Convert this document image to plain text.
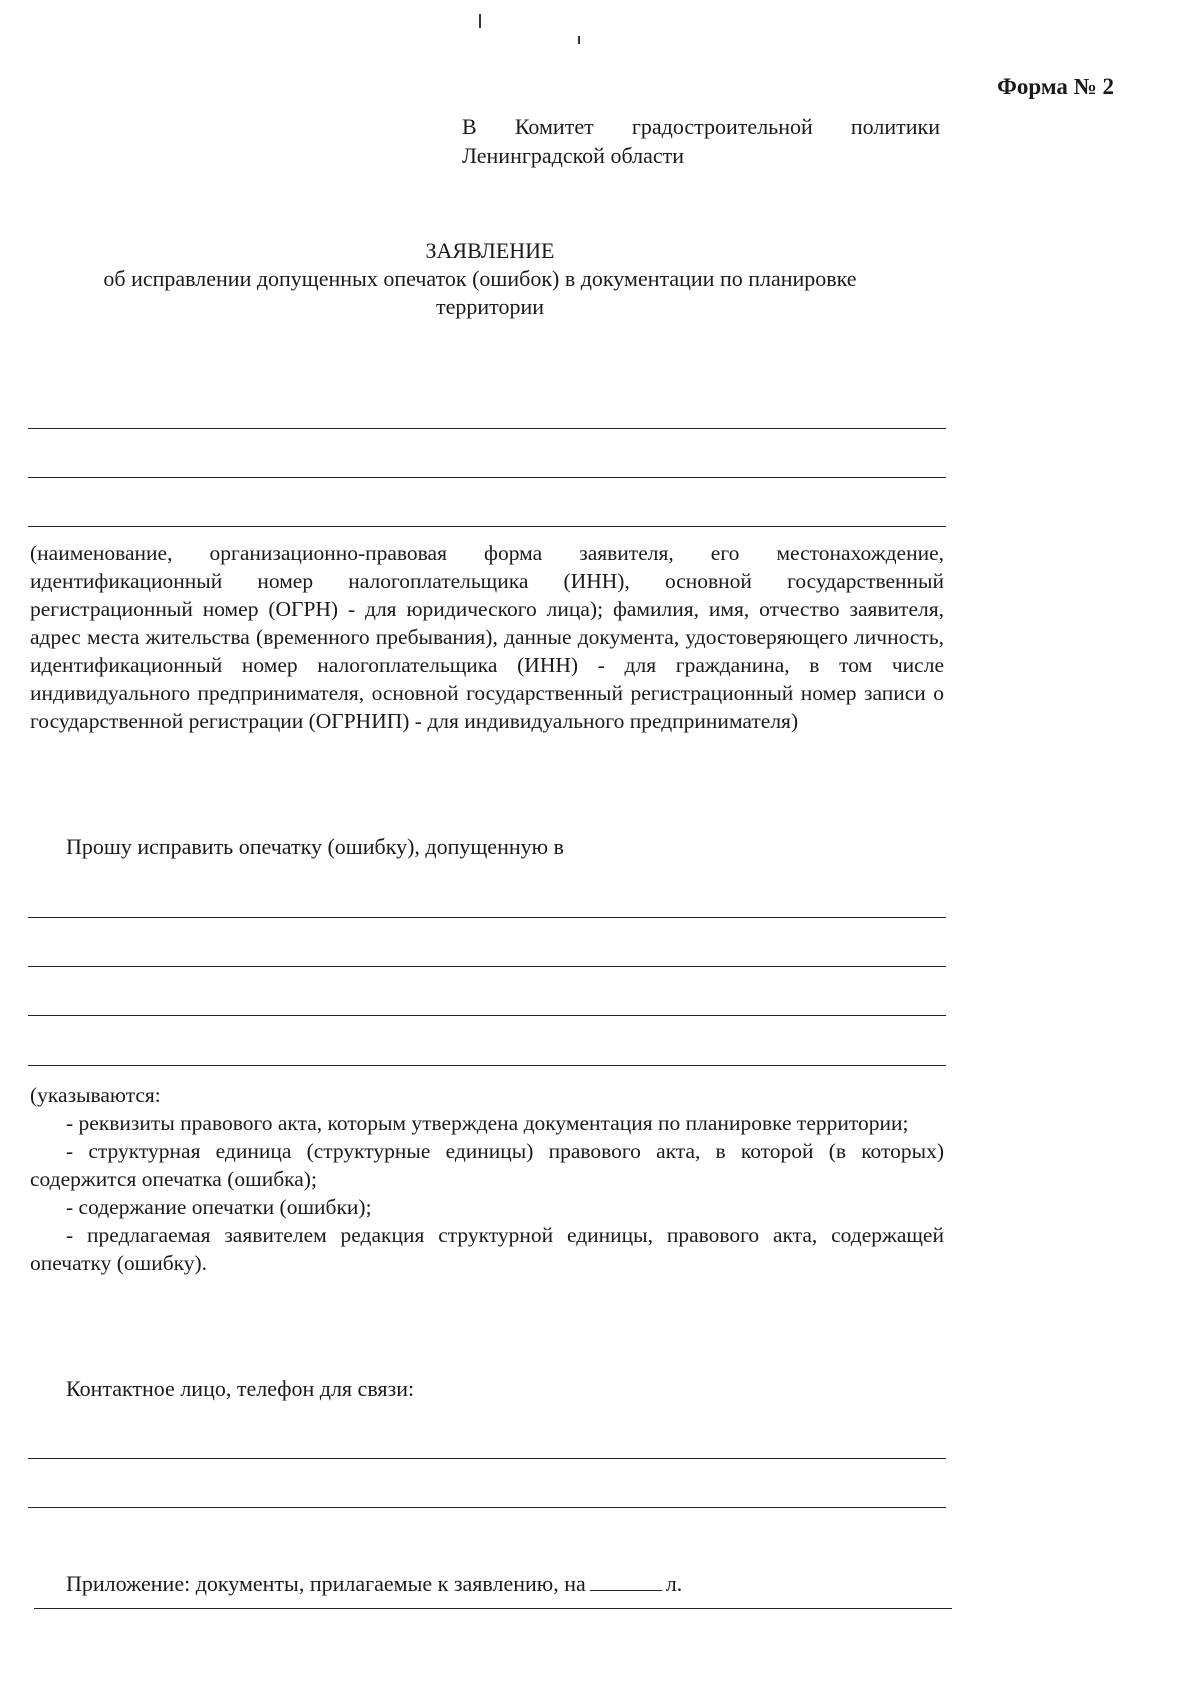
Форма № 2
В Комитет градостроительной политики
Ленинградской области
ЗАЯВЛЕНИЕ
об исправлении допущенных опечаток (ошибок) в документации по планировке
территории

(наименование, организационно-правовая форма заявителя, его местонахождение, идентификационный номер налогоплательщика (ИНН), основной государственный регистрационный номер (ОГРН) - для юридического лица); фамилия, имя, отчество заявителя, адрес места жительства (временного пребывания), данные документа, удостоверяющего личность, идентификационный номер налогоплательщика (ИНН) - для гражданина, в том числе индивидуального предпринимателя, основной государственный регистрационный номер записи о государственной регистрации (ОГРНИП) - для индивидуального предпринимателя)

Прошу исправить опечатку (ошибку), допущенную в

(указываются:

- реквизиты правового акта, которым утверждена документация по планировке территории;

- структурная единица (структурные единицы) правового акта, в которой (в которых) содержится опечатка (ошибка);

- содержание опечатки (ошибки);

- предлагаемая заявителем редакция структурной единицы, правового акта, содержащей опечатку (ошибку).

Контактное лицо, телефон для связи:
Приложение: документы, прилагаемые к заявлению, на	л.
